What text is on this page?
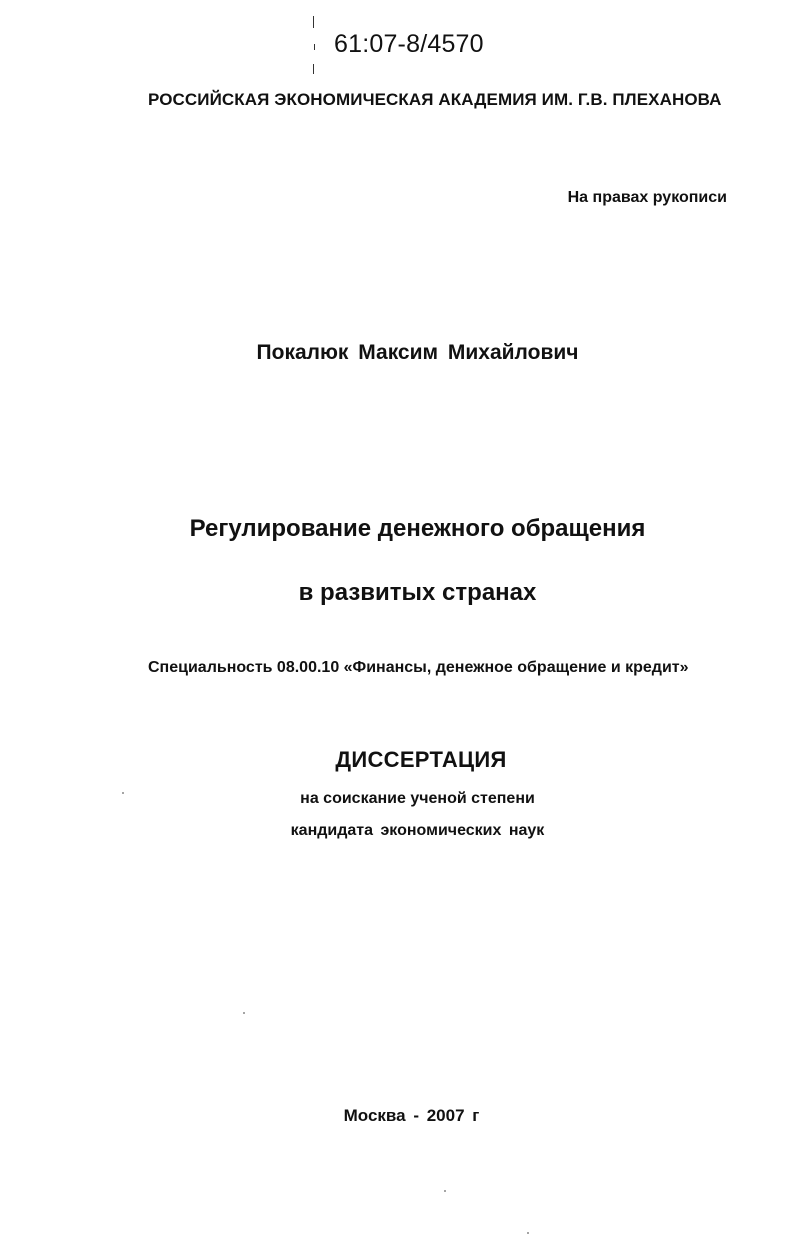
61:07-8/4570
РОССИЙСКАЯ ЭКОНОМИЧЕСКАЯ АКАДЕМИЯ ИМ. Г.В. ПЛЕХАНОВА
На правах рукописи
Покалюк Максим Михайлович
Регулирование денежного обращения
в развитых странах
Специальность 08.00.10 «Финансы, денежное обращение и кредит»
ДИССЕРТАЦИЯ
на соискание ученой степени
кандидата экономических наук
Москва - 2007 г
